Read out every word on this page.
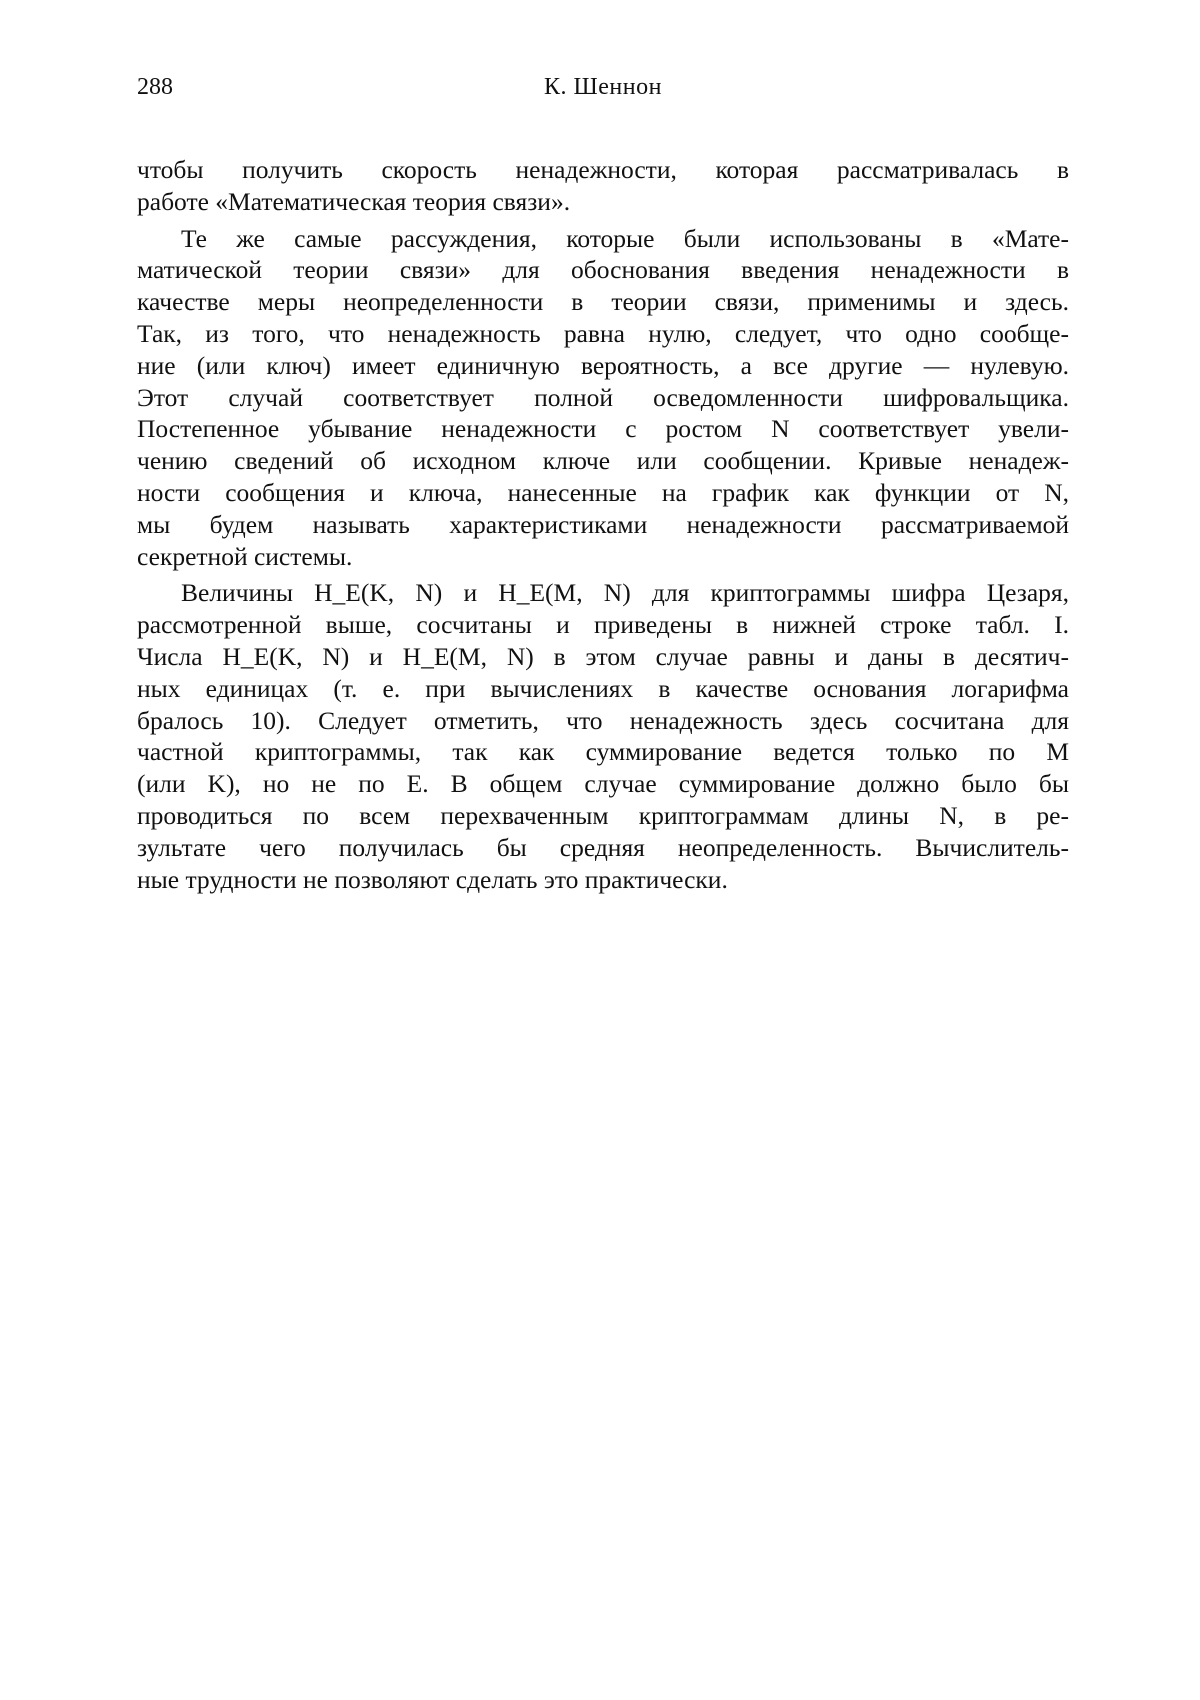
288	К. Шеннон
чтобы получить скорость ненадежности, которая рассматривалась в
работе «Математическая теория связи».
Те же самые рассуждения, которые были использованы в «Мате-
матической теории связи» для обоснования введения ненадежности в
качестве меры неопределенности в теории связи, применимы и здесь.
Так, из того, что ненадежность равна нулю, следует, что одно сообще-
ние (или ключ) имеет единичную вероятность, а все другие — нулевую.
Этот случай соответствует полной осведомленности шифровальщика.
Постепенное убывание ненадежности с ростом N соответствует увели-
чению сведений об исходном ключе или сообщении. Кривые ненадеж-
ности сообщения и ключа, нанесенные на график как функции от N,
мы будем называть характеристиками ненадежности рассматриваемой
секретной системы.
Величины H_E(K, N) и H_E(M, N) для криптограммы шифра Цезаря,
рассмотренной выше, сосчитаны и приведены в нижней строке табл. I.
Числа H_E(K, N) и H_E(M, N) в этом случае равны и даны в десятич-
ных единицах (т. е. при вычислениях в качестве основания логарифма
бралось 10). Следует отметить, что ненадежность здесь сосчитана для
частной криптограммы, так как суммирование ведется только по M
(или K), но не по E. В общем случае суммирование должно было бы
проводиться по всем перехваченным криптограммам длины N, в ре-
зультате чего получилась бы средняя неопределенность. Вычислитель-
ные трудности не позволяют сделать это практически.
